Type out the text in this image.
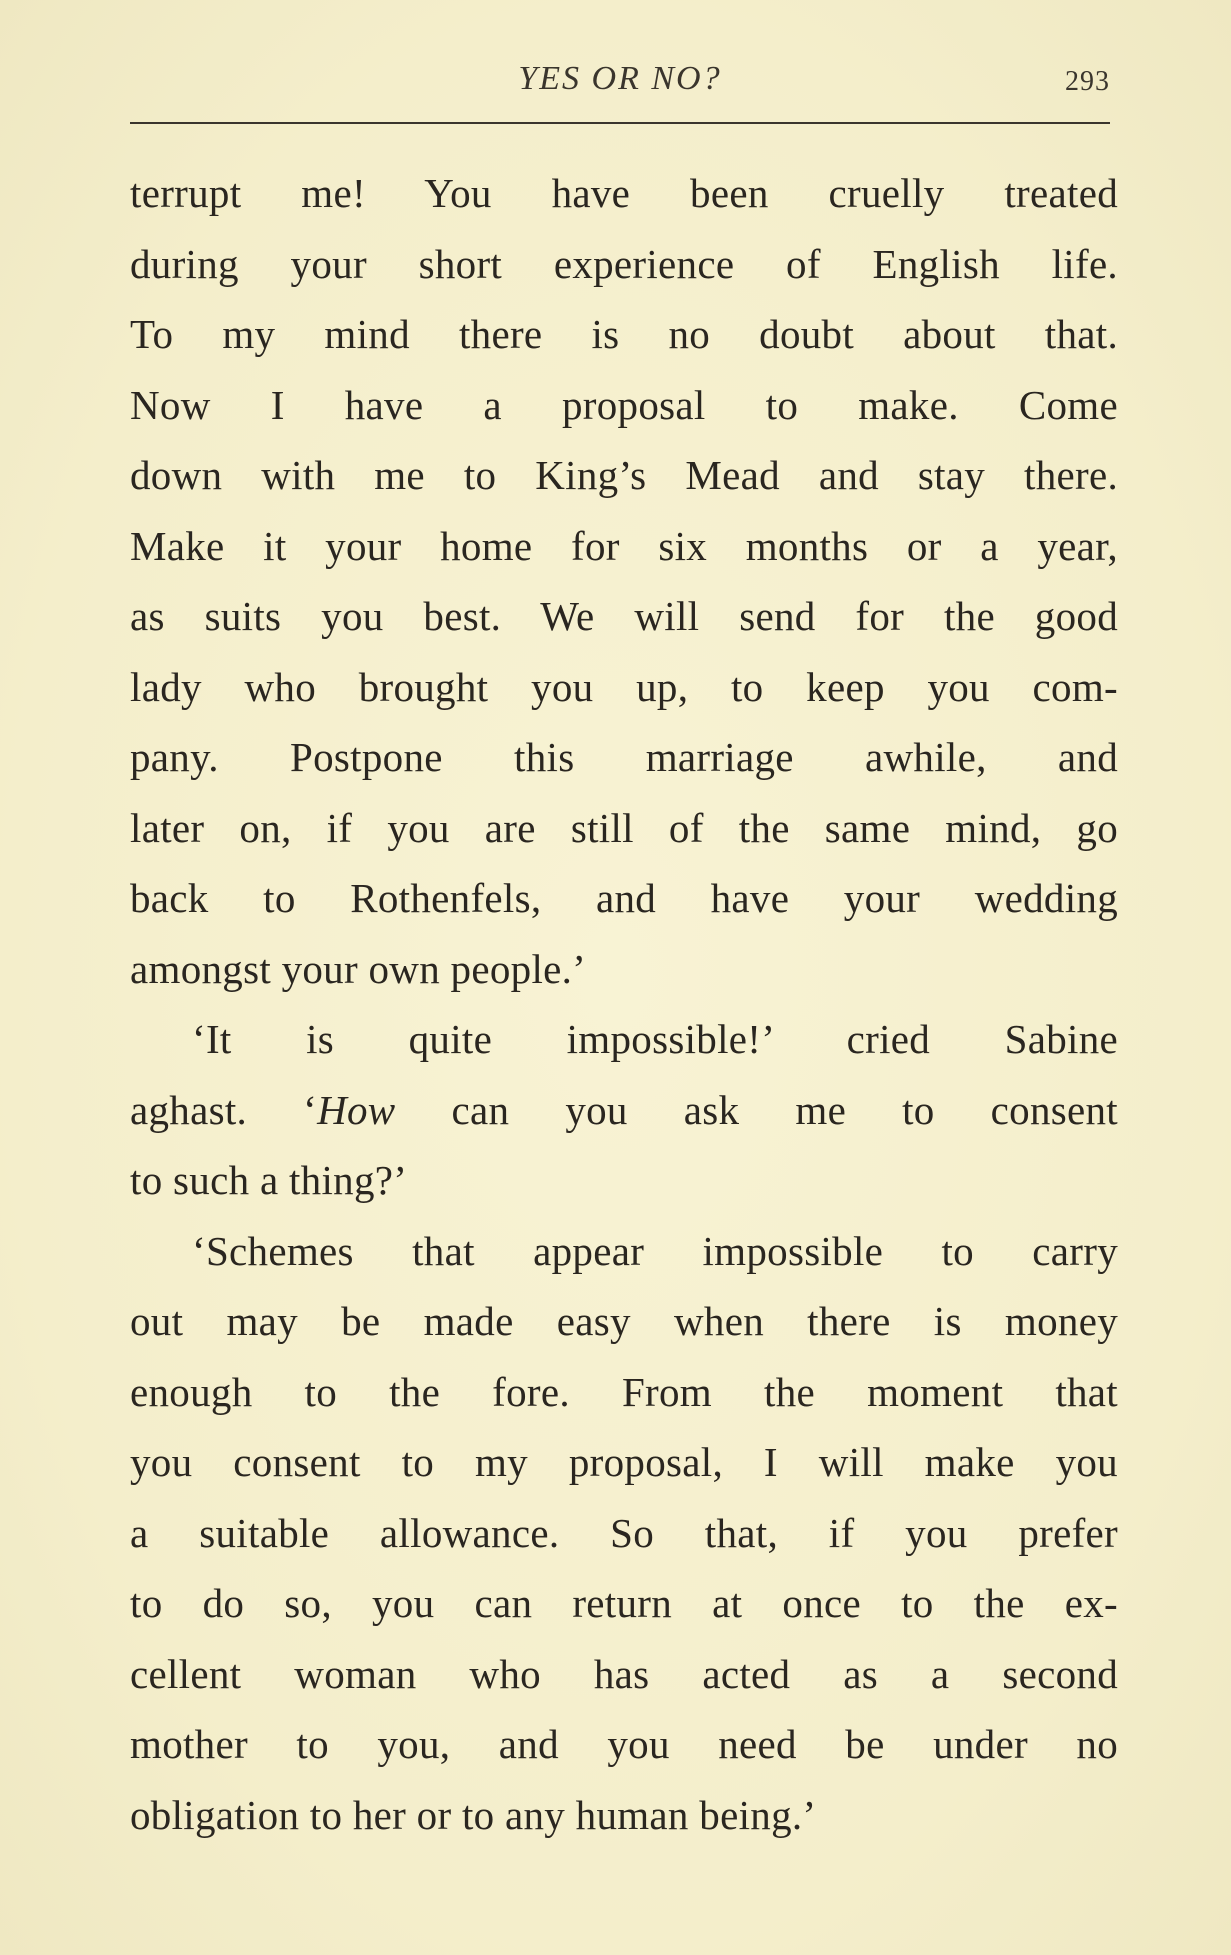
YES OR NO?	293
terrupt me! You have been cruelly treated
during your short experience of English life.
To my mind there is no doubt about that.
Now I have a proposal to make. Come
down with me to King’s Mead and stay there.
Make it your home for six months or a year,
as suits you best. We will send for the good
lady who brought you up, to keep you com-
pany. Postpone this marriage awhile, and
later on, if you are still of the same mind, go
back to Rothenfels, and have your wedding
amongst your own people.’
‘It is quite impossible!’ cried Sabine
aghast. ‘How can you ask me to consent
to such a thing?’
‘Schemes that appear impossible to carry
out may be made easy when there is money
enough to the fore. From the moment that
you consent to my proposal, I will make you
a suitable allowance. So that, if you prefer
to do so, you can return at once to the ex-
cellent woman who has acted as a second
mother to you, and you need be under no
obligation to her or to any human being.’
